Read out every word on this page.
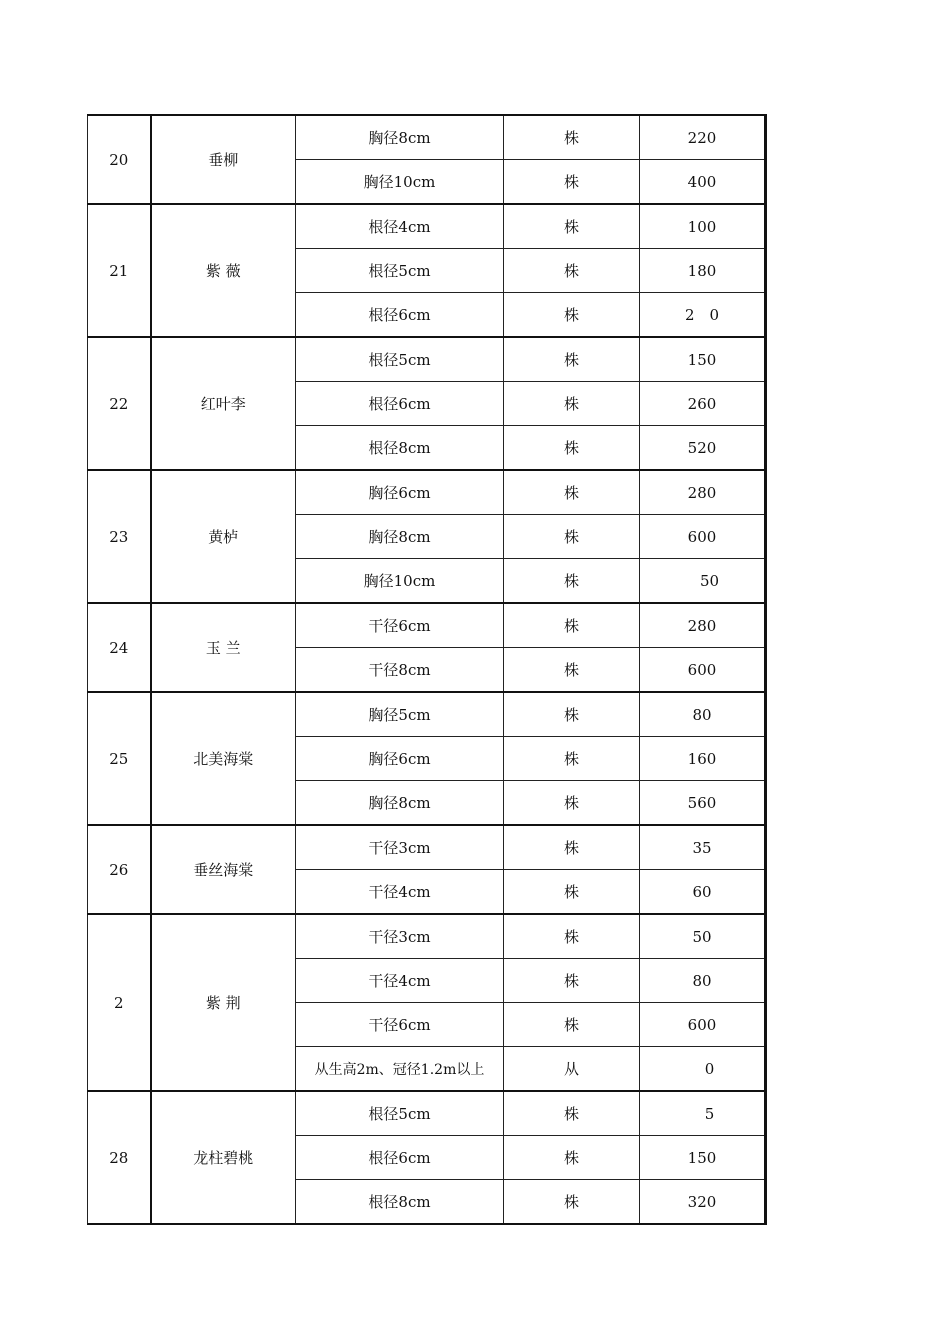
20	垂柳	胸径8cm	株	220
		胸径10cm	株	400
21	紫 薇	根径4cm	株	100
		根径5cm	株	180
		根径6cm	株	2　0
22	红叶李	根径5cm	株	150
		根径6cm	株	260
		根径8cm	株	520
23	黄栌	胸径6cm	株	280
		胸径8cm	株	600
		胸径10cm	株	　50
24	玉 兰	干径6cm	株	280
		干径8cm	株	600
25	北美海棠	胸径5cm	株	80
		胸径6cm	株	160
		胸径8cm	株	560
26	垂丝海棠	干径3cm	株	35
		干径4cm	株	60
2	紫 荆	干径3cm	株	50
		干径4cm	株	80
		干径6cm	株	600
		从生高2m、冠径1.2m以上	从	　0
28	龙柱碧桃	根径5cm	株	　5
		根径6cm	株	150
		根径8cm	株	320
